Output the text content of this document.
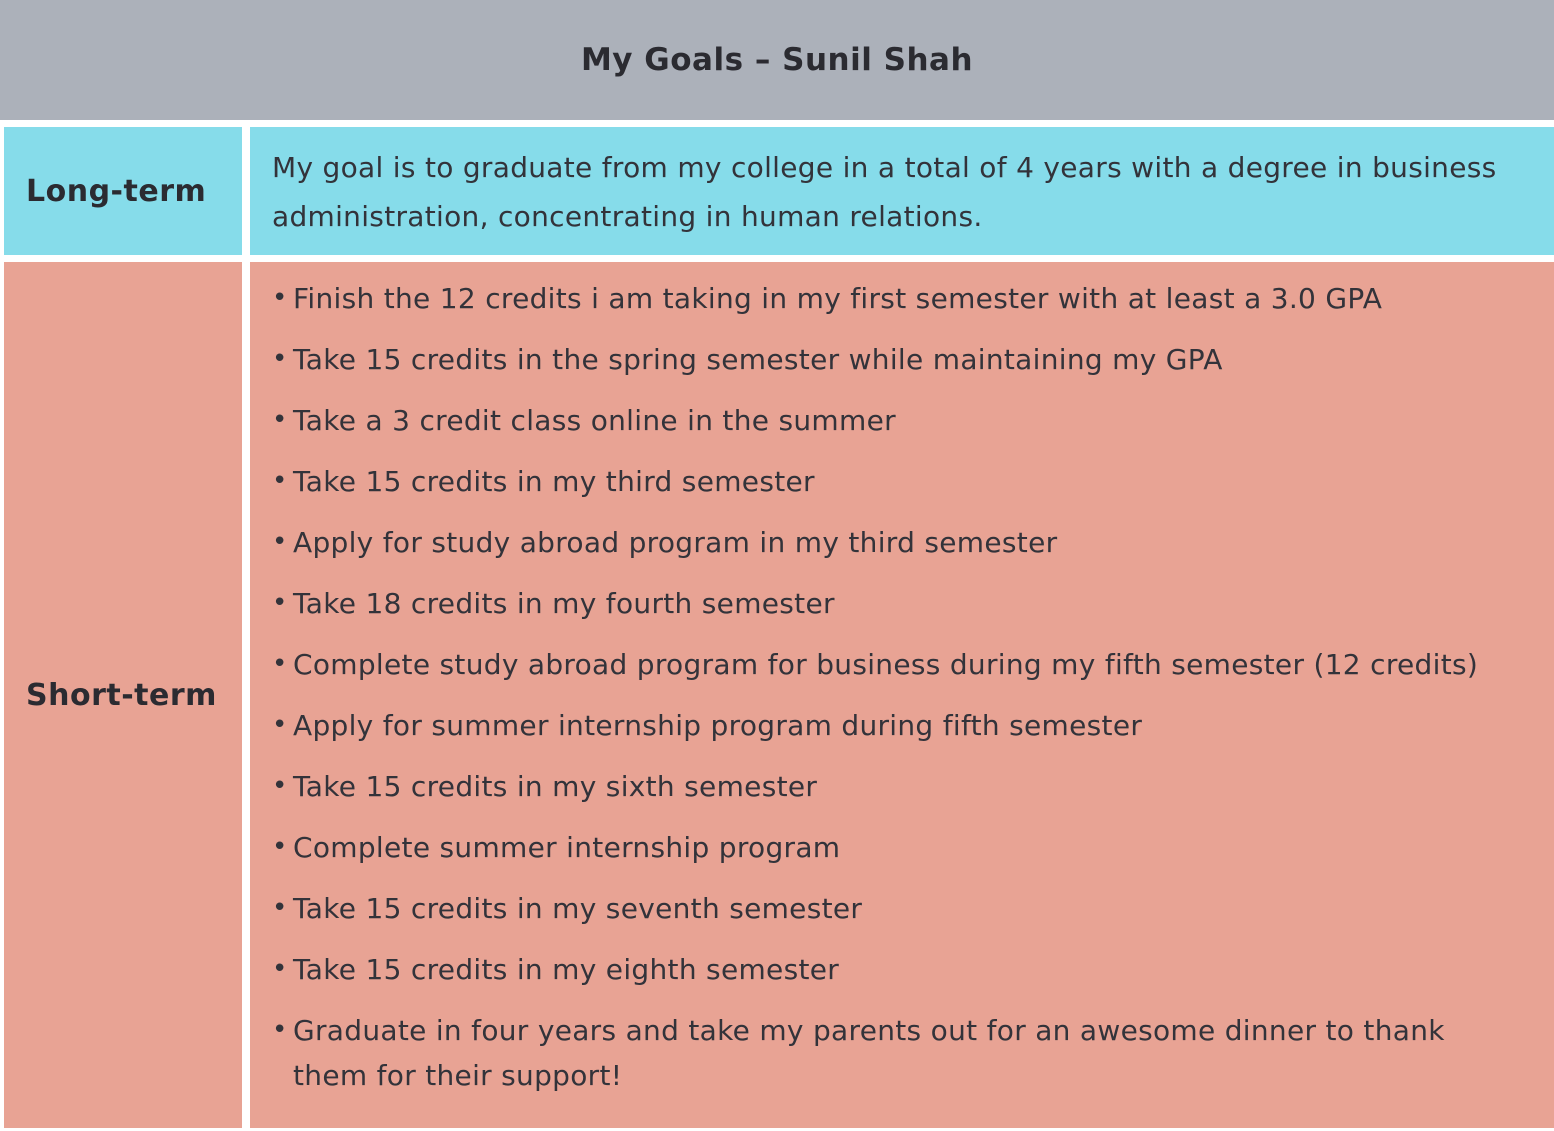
My Goals – Sunil Shah
Long-term
My goal is to graduate from my college in a total of 4 years with a degree in business administration, concentrating in human relations.
Short-term
• Finish the 12 credits i am taking in my first semester with at least a 3.0 GPA
• Take 15 credits in the spring semester while maintaining my GPA
• Take a 3 credit class online in the summer
• Take 15 credits in my third semester
• Apply for study abroad program in my third semester
• Take 18 credits in my fourth semester
• Complete study abroad program for business during my fifth semester (12 credits)
• Apply for summer internship program during fifth semester
• Take 15 credits in my sixth semester
• Complete summer internship program
• Take 15 credits in my seventh semester
• Take 15 credits in my eighth semester
• Graduate in four years and take my parents out for an awesome dinner to thank them for their support!
